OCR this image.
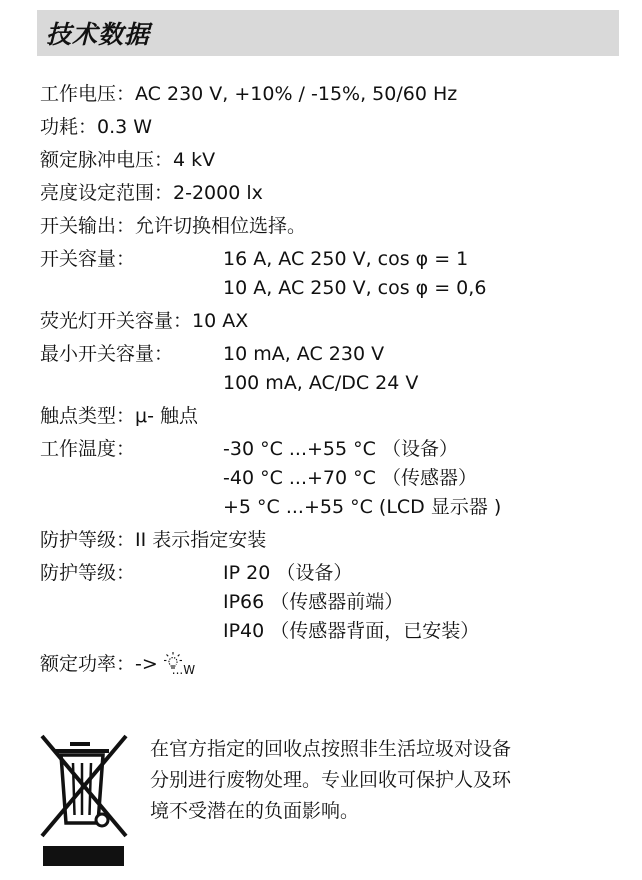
技术数据
工作电压： AC 230 V, +10% / -15%, 50/60 Hz
功耗： 0.3 W
额定脉冲电压： 4 kV
亮度设定范围： 2-2000 lx
开关输出： 允许切换相位选择。
开关容量：	16 A, AC 250 V, cos φ = 1
10 A, AC 250 V, cos φ = 0,6
荧光灯开关容量： 10 AX
最小开关容量：	10 mA, AC 230 V
100 mA, AC/DC 24 V
触点类型： μ- 触点
工作温度：	-30 °C ...+55 °C （设备）
-40 °C ...+70 °C （传感器）
+5 °C ...+55 °C (LCD 显示器 )
防护等级： II 表示指定安装
防护等级：	IP 20 （设备）
IP66 （传感器前端）
IP40 （传感器背面，已安装）
额定功率： -> ...W
在官方指定的回收点按照非生活垃圾对设备
分别进行废物处理。专业回收可保护人及环
境不受潜在的负面影响。
